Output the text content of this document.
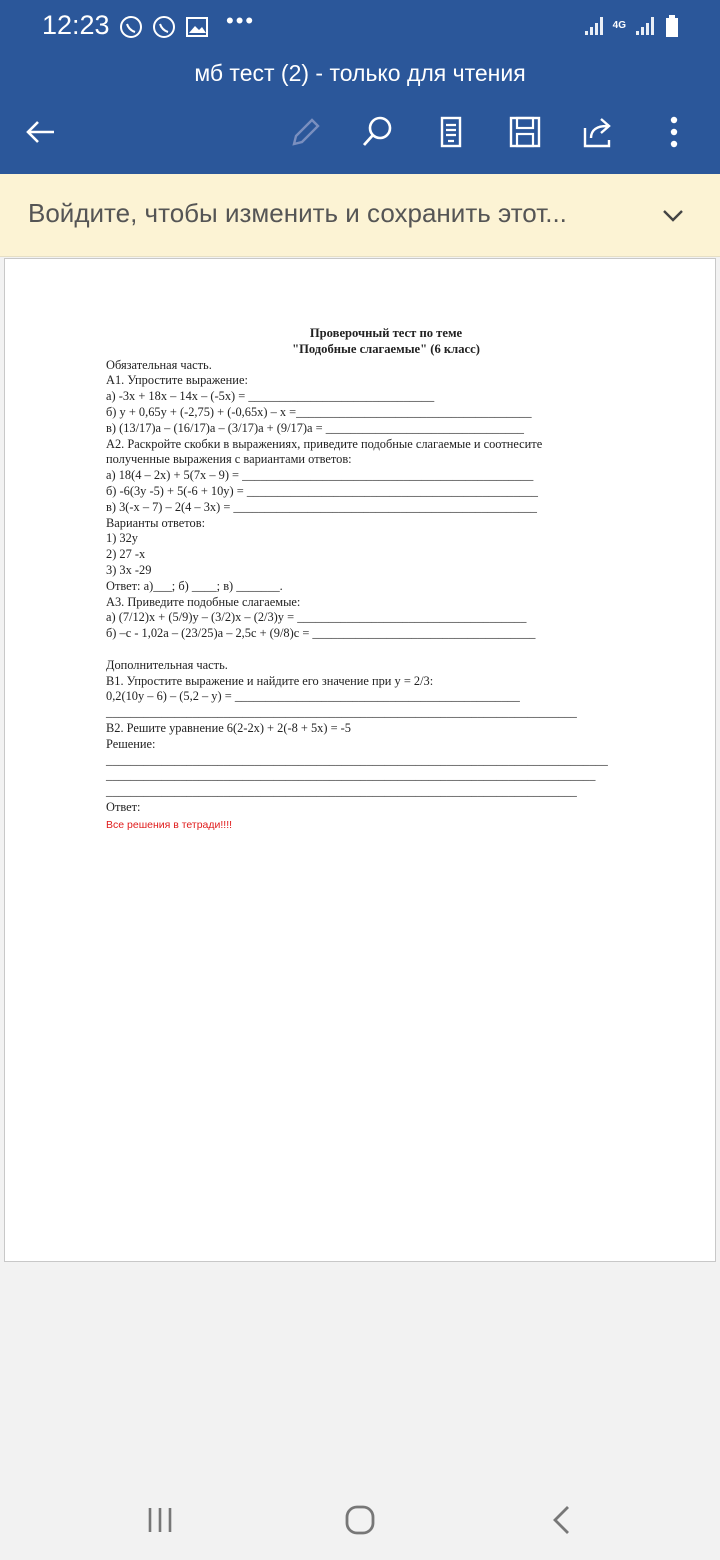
12:23	•••	4G
мб тест (2) - только для чтения
Войдите, чтобы изменить и сохранить этот...
Проверочный тест по теме
"Подобные слагаемые" (6 класс)
Обязательная часть.
А1. Упростите выражение:
а) -3х + 18х – 14х – (-5х) = ______________________________
б) у + 0,65у + (-2,75) + (-0,65х) – х =______________________________________
в) (13/17)а – (16/17)а – (3/17)а + (9/17)а = ________________________________
А2. Раскройте скобки в выражениях, приведите подобные слагаемые и соотнесите
полученные выражения с вариантами ответов:
а) 18(4 – 2х) + 5(7х – 9) = _______________________________________________
б) -6(3у -5) + 5(-6 + 10у) = _______________________________________________
в) 3(-х – 7) – 2(4 – 3х) = _________________________________________________
Варианты ответов:
1) 32у
2) 27 -х
3) 3х -29
Ответ: а)___; б) ____; в) _______.
А3. Приведите подобные слагаемые:
а) (7/12)х + (5/9)у – (3/2)х – (2/3)у = _____________________________________
б) –с - 1,02а – (23/25)а – 2,5с + (9/8)с = ____________________________________
Дополнительная часть.
В1. Упростите выражение и найдите его значение при у = 2/3:
0,2(10у – 6) – (5,2 – у) = ______________________________________________
____________________________________________________________________________
В2. Решите уравнение 6(2-2х) + 2(-8 + 5х) = -5
Решение:
_________________________________________________________________________________
_______________________________________________________________________________
____________________________________________________________________________
Ответ:
Все решения в тетради!!!!
